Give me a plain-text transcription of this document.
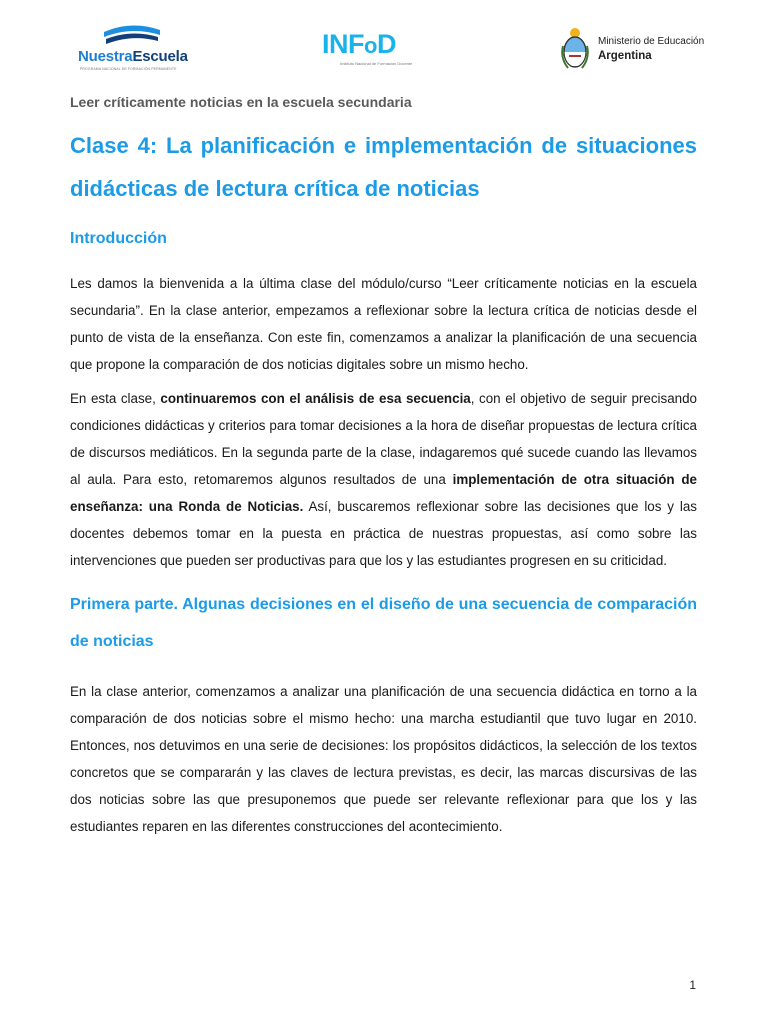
NuestraEscuela
PROGRAMA NACIONAL DE FORMACIÓN PERMANENTE
INFoD
Instituto Nacional de Formación Docente
Ministerio de Educación
Argentina

Leer críticamente noticias en la escuela secundaria

Clase 4: La planificación e implementación de situaciones didácticas de lectura crítica de noticias
Introducción

Les damos la bienvenida a la última clase del módulo/curso “Leer críticamente noticias en la escuela secundaria”. En la clase anterior, empezamos a reflexionar sobre la lectura crítica de noticias desde el punto de vista de la enseñanza. Con este fin, comenzamos a analizar la planificación de una secuencia que propone la comparación de dos noticias digitales sobre un mismo hecho.

En esta clase, continuaremos con el análisis de esa secuencia, con el objetivo de seguir precisando condiciones didácticas y criterios para tomar decisiones a la hora de diseñar propuestas de lectura crítica de discursos mediáticos. En la segunda parte de la clase, indagaremos qué sucede cuando las llevamos al aula. Para esto, retomaremos algunos resultados de una implementación de otra situación de enseñanza: una Ronda de Noticias. Así, buscaremos reflexionar sobre las decisiones que los y las docentes debemos tomar en la puesta en práctica de nuestras propuestas, así como sobre las intervenciones que pueden ser productivas para que los y las estudiantes progresen en su criticidad.

Primera parte. Algunas decisiones en el diseño de una secuencia de comparación de noticias

En la clase anterior, comenzamos a analizar una planificación de una secuencia didáctica en torno a la comparación de dos noticias sobre el mismo hecho: una marcha estudiantil que tuvo lugar en 2010. Entonces, nos detuvimos en una serie de decisiones: los propósitos didácticos, la selección de los textos concretos que se compararán y las claves de lectura previstas, es decir, las marcas discursivas de las dos noticias sobre las que presuponemos que puede ser relevante reflexionar para que los y las estudiantes reparen en las diferentes construcciones del acontecimiento.

1
